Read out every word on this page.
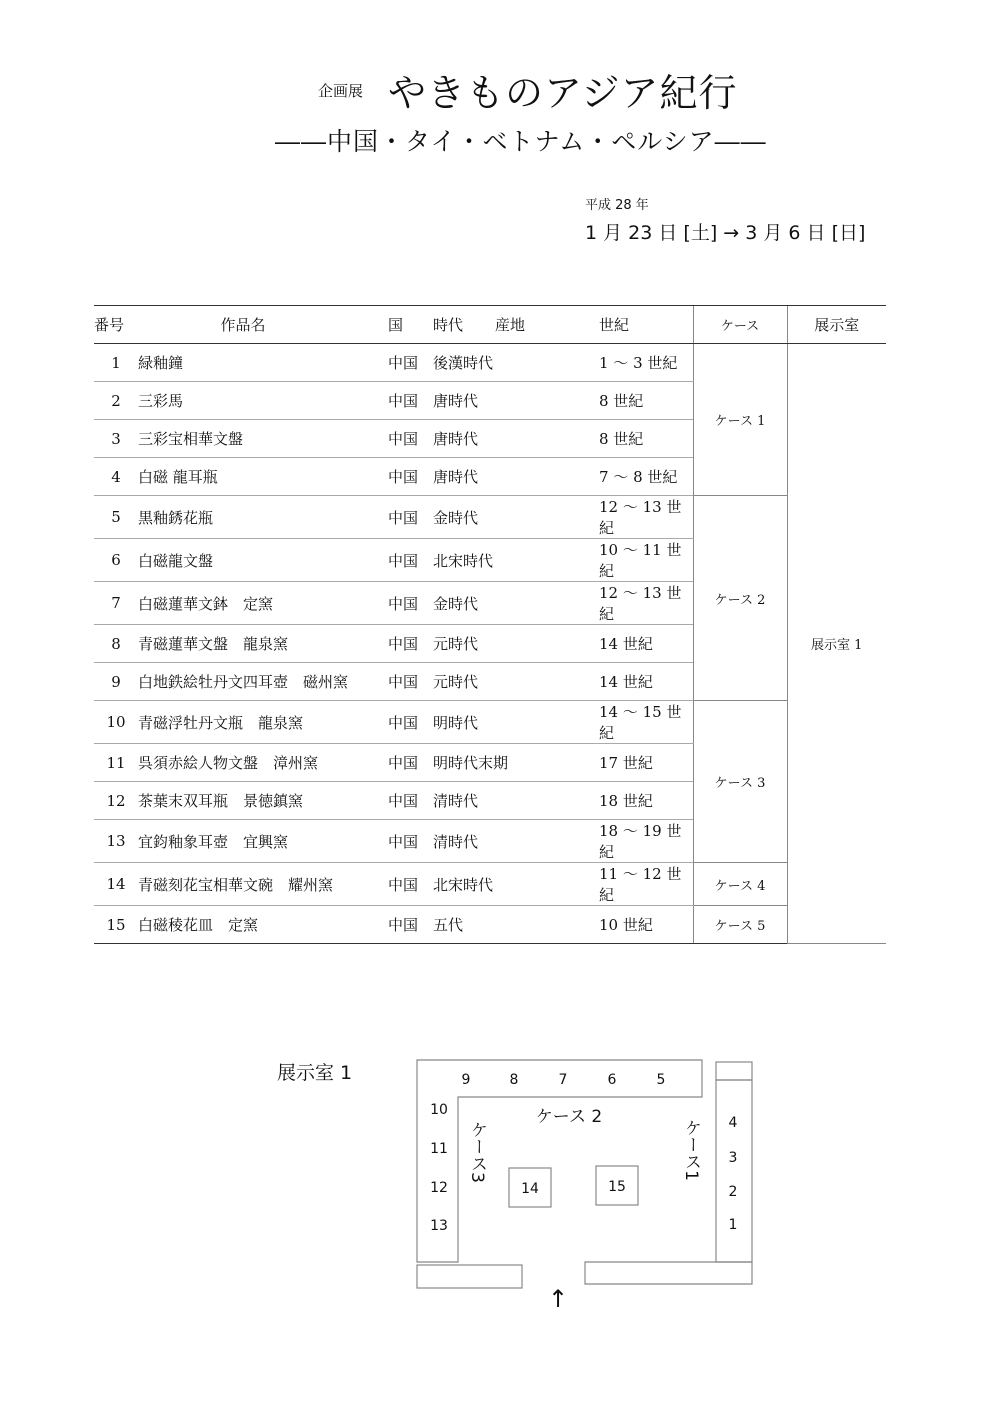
企画展 やきものアジア紀行
――中国・タイ・ベトナム・ペルシア――
平成 28 年
1 月 23 日 [土] → 3 月 6 日 [日]
番号	作品名	国	時代	産地	世紀	ケース	展示室
1	緑釉鐘	中国	後漢時代		1 ～ 3 世紀	ケース 1	展示室 1
2	三彩馬	中国	唐時代		8 世紀		
3	三彩宝相華文盤	中国	唐時代		8 世紀		
4	白磁 龍耳瓶	中国	唐時代		7 ～ 8 世紀		
5	黒釉銹花瓶	中国	金時代		12 ～ 13 世紀	ケース 2	
6	白磁龍文盤	中国	北宋時代		10 ～ 11 世紀		
7	白磁蓮華文鉢　定窯	中国	金時代		12 ～ 13 世紀		
8	青磁蓮華文盤　龍泉窯	中国	元時代		14 世紀		
9	白地鉄絵牡丹文四耳壺　磁州窯	中国	元時代		14 世紀		
10	青磁浮牡丹文瓶　龍泉窯	中国	明時代		14 ～ 15 世紀	ケース 3	
11	呉須赤絵人物文盤　漳州窯	中国	明時代末期		17 世紀		
12	茶葉末双耳瓶　景徳鎮窯	中国	清時代		18 世紀		
13	宜鈞釉象耳壺　宜興窯	中国	清時代		18 ～ 19 世紀		
14	青磁刻花宝相華文碗　耀州窯	中国	北宋時代		11 ～ 12 世紀	ケース 4	
15	白磁稜花皿　定窯	中国	五代		10 世紀	ケース 5	
展示室 1	9	8	7	6	5
10
11
12
13
4
3
2
1
14	15
ケース 2
↑
ケース3	ケース1
